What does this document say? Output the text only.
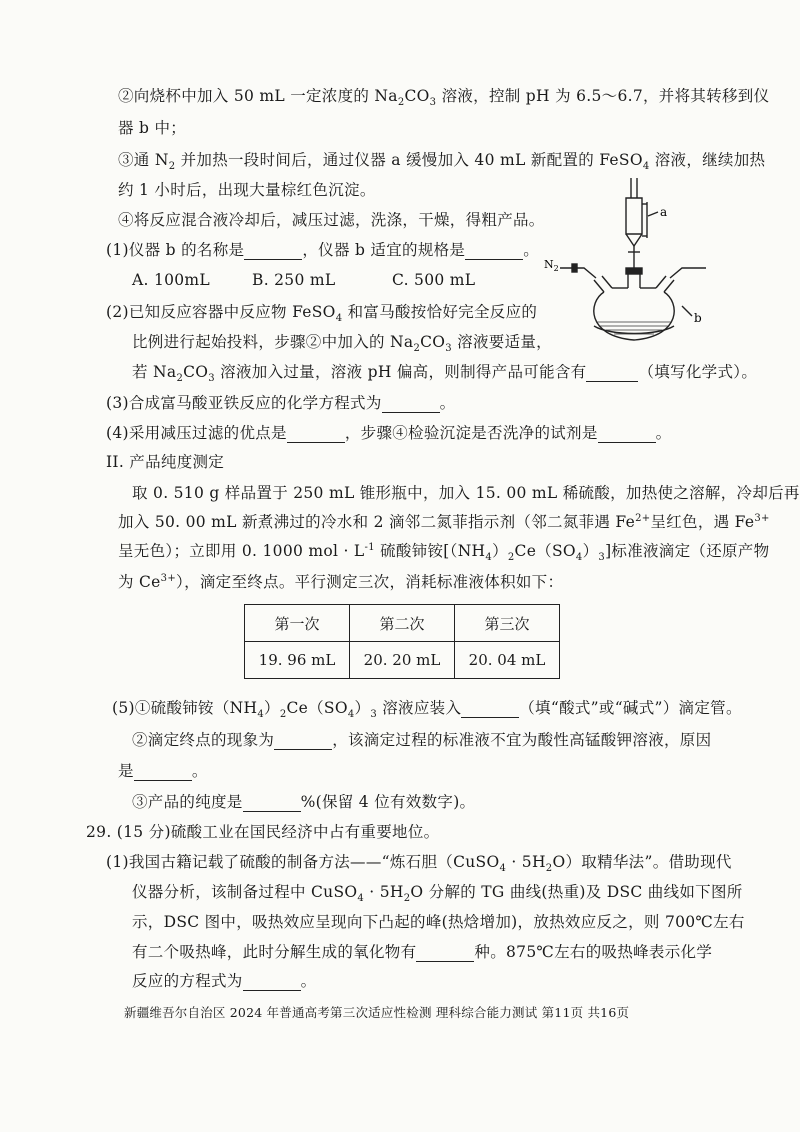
②向烧杯中加入 50 mL 一定浓度的 $Na_2CO_3$ 溶液，控制 pH 为 6.5～6.7，并将其转移到仪
器 b 中；
③通 $N_2$ 并加热一段时间后，通过仪器 a 缓慢加入 40 mL 新配置的 FeSO$_4$ 溶液，继续加热
约 1 小时后，出现大量棕红色沉淀。
④将反应混合液冷却后，减压过滤，洗涤，干燥，得粗产品。
(1)仪器 b 的名称是	，仪器 b 适宜的规格是	。
A. 100mL	B. 250 mL	C. 500 mL
(2)已知反应容器中反应物 FeSO$_4$ 和富马酸按恰好完全反应的
比例进行起始投料，步骤②中加入的 $Na_2CO_3$ 溶液要适量，
若 $Na_2CO_3$ 溶液加入过量，溶液 pH 偏高，则制得产品可能含有	（填写化学式）。
(3)合成富马酸亚铁反应的化学方程式为	。
(4)采用减压过滤的优点是	，步骤④检验沉淀是否洗净的试剂是	。
II. 产品纯度测定
取 0. 510 g 样品置于 250 mL 锥形瓶中，加入 15. 00 mL 稀硫酸，加热使之溶解，冷却后再
加入 50. 00 mL 新煮沸过的冷水和 2 滴邻二氮菲指示剂（邻二氮菲遇 $Fe^{2+}$呈红色，遇 $Fe^{3+}$
呈无色）；立即用 0. 1000 mol · $L^{-1}$ 硫酸铈铵$[(NH_4)_2Ce(SO_4)_3]$标准液滴定（还原产物
为 $Ce^{3+}$），滴定至终点。平行测定三次，消耗标准液体积如下：
第一次	第二次	第三次
19. 96 mL	20. 20 mL	20. 04 mL
(5)①硫酸铈铵$(NH_4)_2Ce(SO_4)_3$ 溶液应装入	（填“酸式”或“碱式”）滴定管。
②滴定终点的现象为	，该滴定过程的标准液不宜为酸性高锰酸钾溶液，原因
是	。
③产品的纯度是	%(保留 4 位有效数字)。
29. (15 分)硫酸工业在国民经济中占有重要地位。
(1)我国古籍记载了硫酸的制备方法——“炼石胆（CuSO$_4$ · $5H_2O$）取精华法”。借助现代
仪器分析，该制备过程中 CuSO$_4$ · $5H_2O$ 分解的 TG 曲线(热重)及 DSC 曲线如下图所
示，DSC 图中，吸热效应呈现向下凸起的峰(热焓增加)，放热效应反之，则 700℃左右
有二个吸热峰，此时分解生成的氧化物有	种。875℃左右的吸热峰表示化学
反应的方程式为	。
a
$N_2$
b
新疆维吾尔自治区 2024 年普通高考第三次适应性检测 理科综合能力测试 第11页 共16页
